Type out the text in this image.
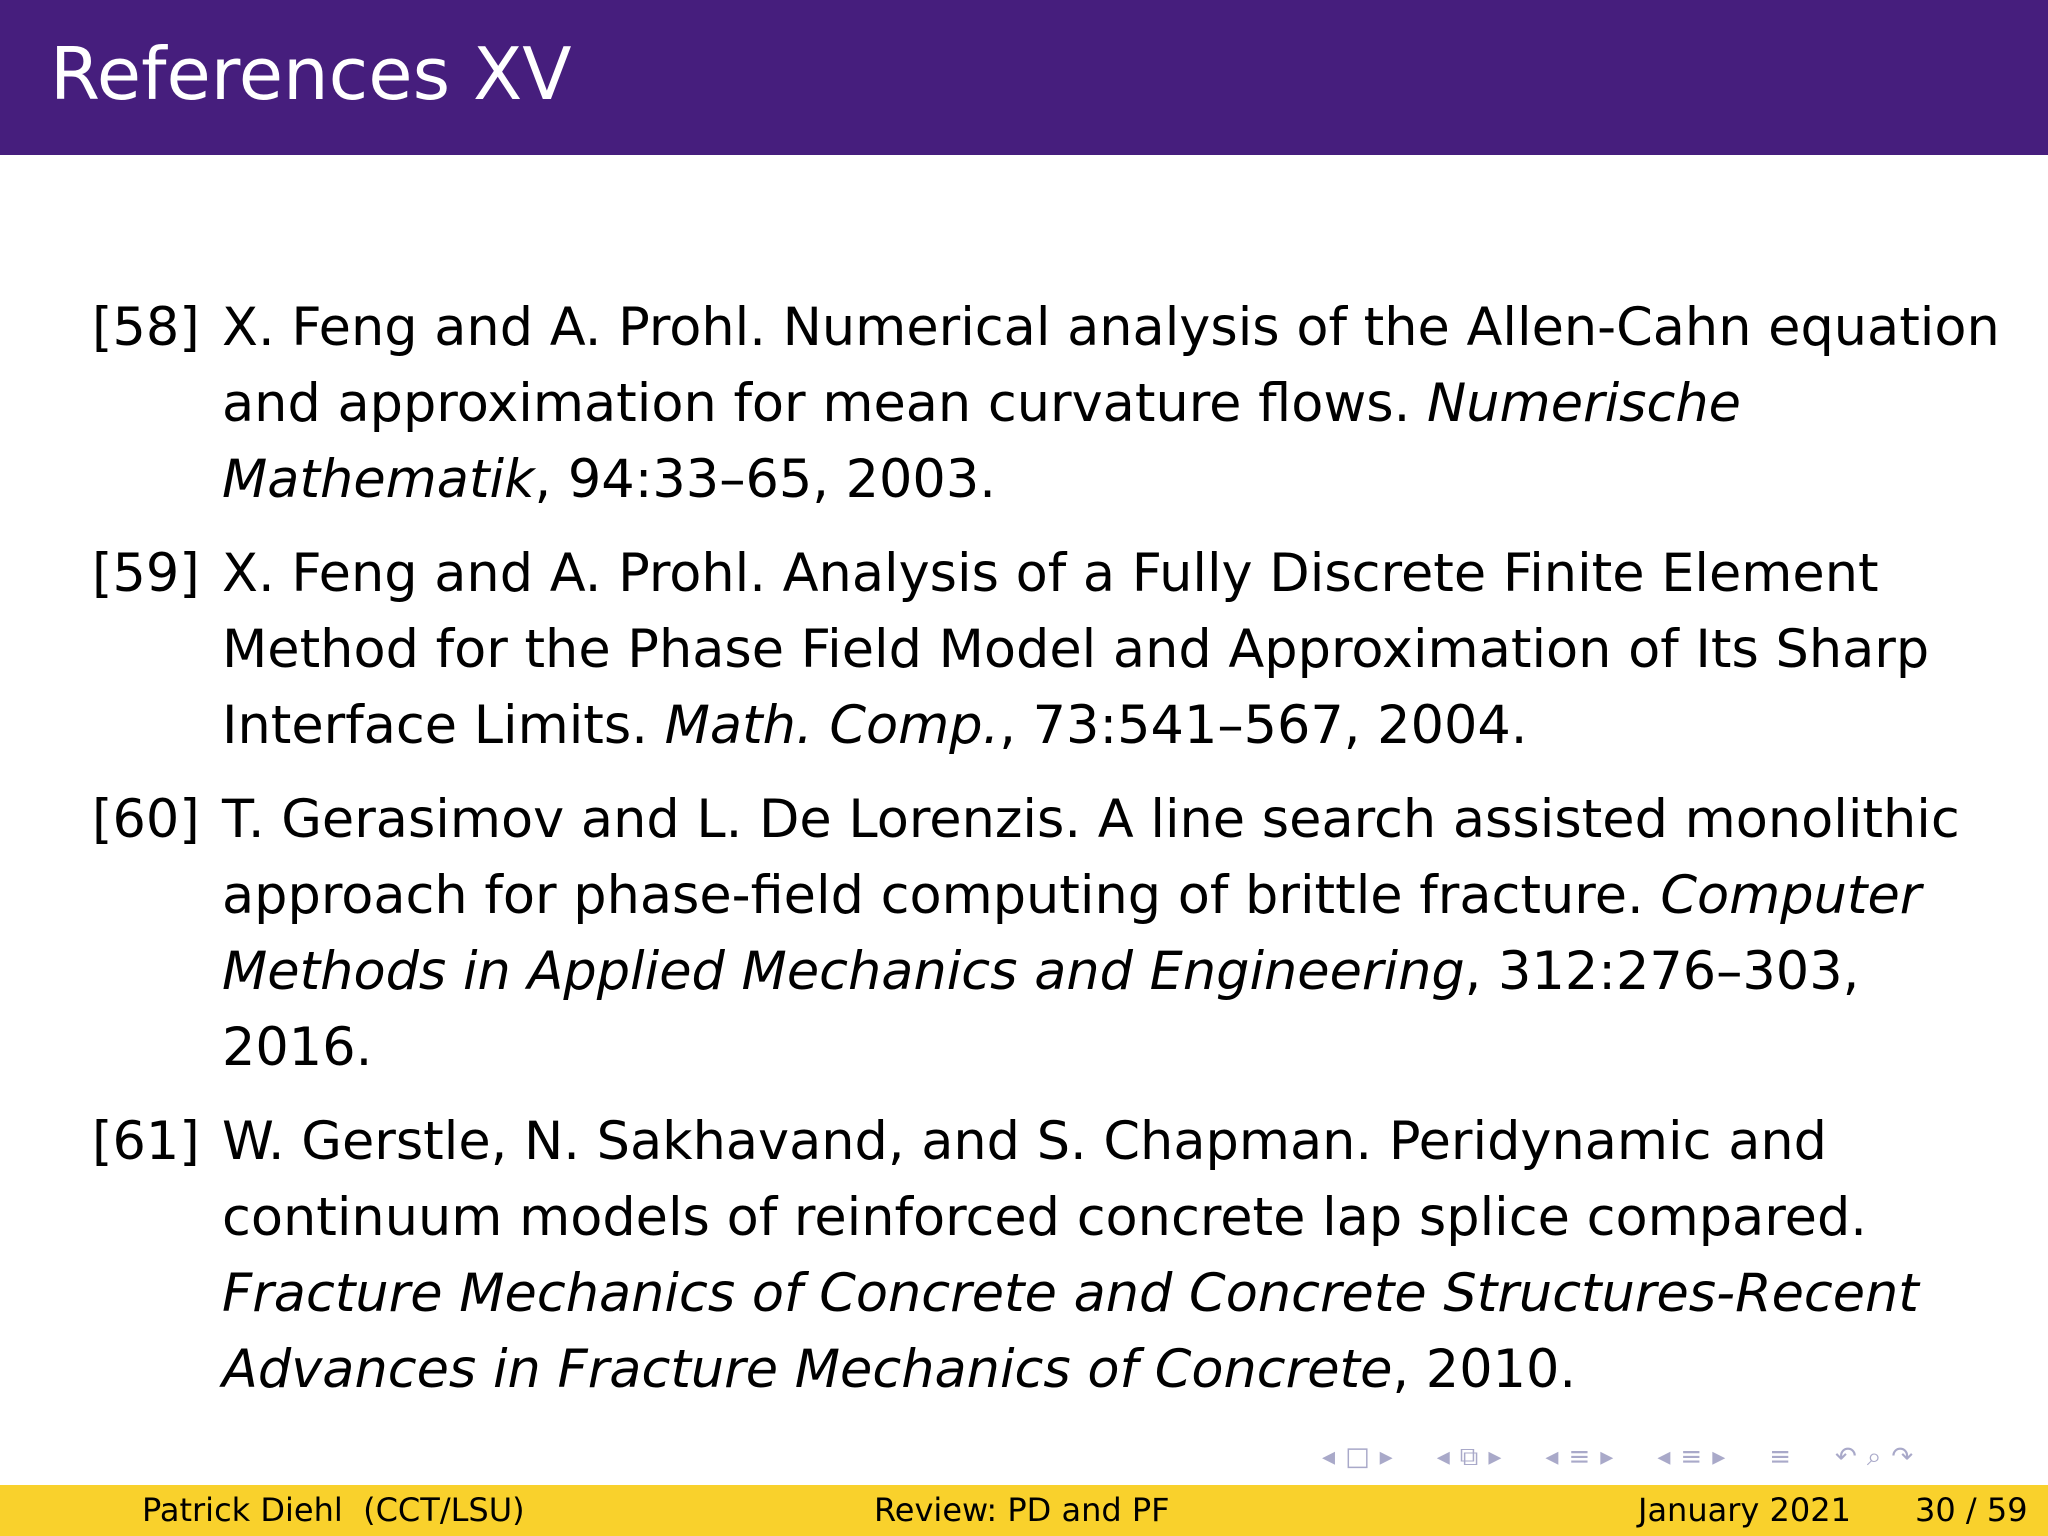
References XV
[58] X. Feng and A. Prohl. Numerical analysis of the Allen-Cahn equation and approximation for mean curvature flows. Numerische Mathematik, 94:33–65, 2003.
[59] X. Feng and A. Prohl. Analysis of a Fully Discrete Finite Element Method for the Phase Field Model and Approximation of Its Sharp Interface Limits. Math. Comp., 73:541–567, 2004.
[60] T. Gerasimov and L. De Lorenzis. A line search assisted monolithic approach for phase-field computing of brittle fracture. Computer Methods in Applied Mechanics and Engineering, 312:276–303, 2016.
[61] W. Gerstle, N. Sakhavand, and S. Chapman. Peridynamic and continuum models of reinforced concrete lap splice compared. Fracture Mechanics of Concrete and Concrete Structures-Recent Advances in Fracture Mechanics of Concrete, 2010.
◂ □ ▸ ◂ ⧉ ▸ ◂ ≡ ▸ ◂ ≡ ▸ ≡ ↶ ⌕ ↷
Patrick Diehl  (CCT/LSU)	Review: PD and PF	January 2021 30 / 59
